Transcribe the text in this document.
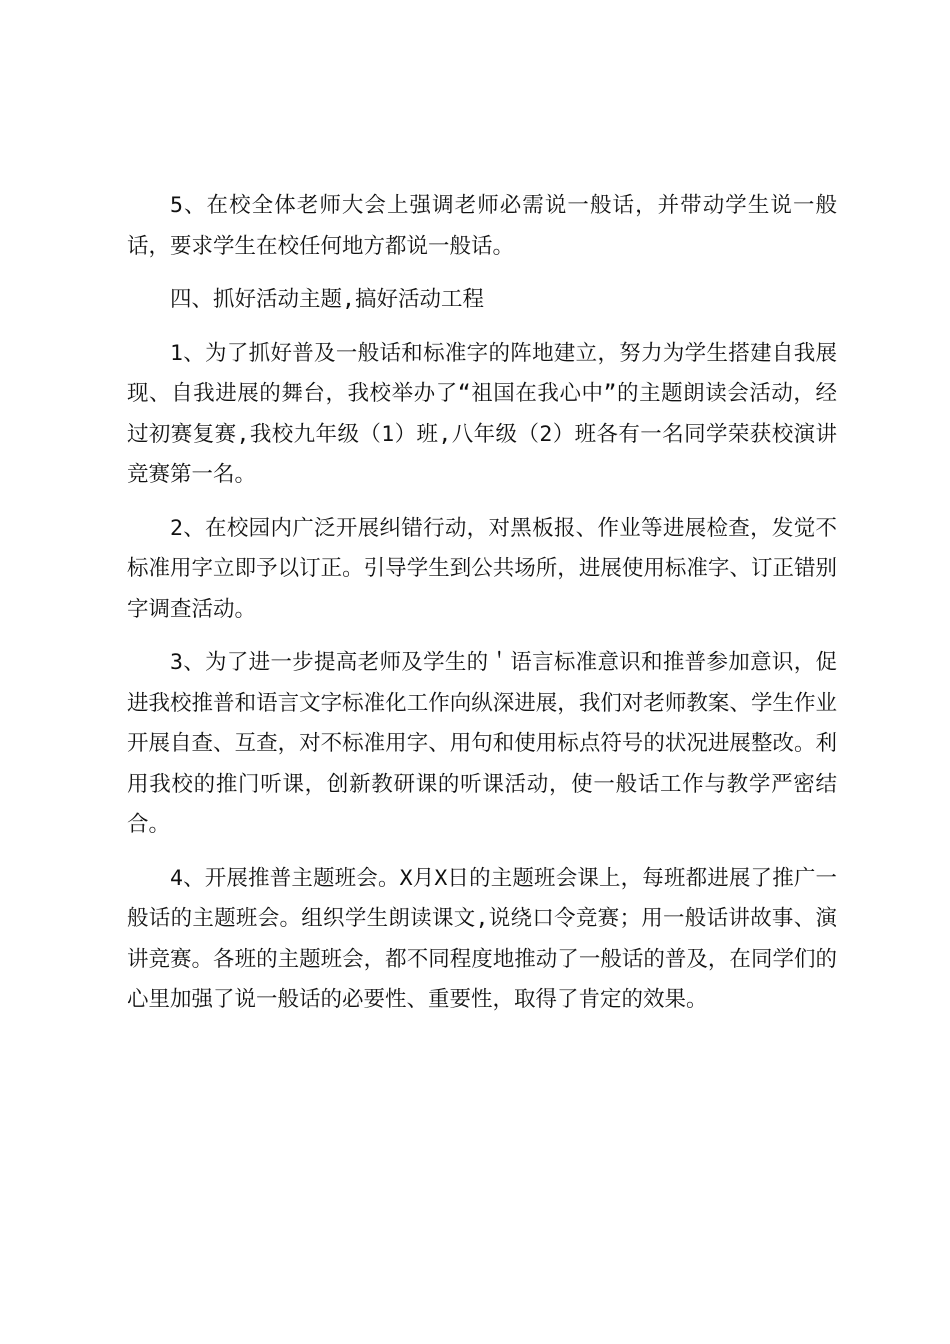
5、在校全体老师大会上强调老师必需说一般话，并带动学生说一般话，要求学生在校任何地方都说一般话。

四、抓好活动主题,搞好活动工程

1、为了抓好普及一般话和标准字的阵地建立，努力为学生搭建自我展现、自我进展的舞台，我校举办了“祖国在我心中”的主题朗读会活动，经过初赛复赛,我校九年级（1）班,八年级（2）班各有一名同学荣获校演讲竞赛第一名。

2、在校园内广泛开展纠错行动，对黑板报、作业等进展检查，发觉不标准用字立即予以订正。引导学生到公共场所，进展使用标准字、订正错别字调查活动。

3、为了进一步提高老师及学生的＇语言标准意识和推普参加意识，促进我校推普和语言文字标准化工作向纵深进展，我们对老师教案、学生作业开展自查、互查，对不标准用字、用句和使用标点符号的状况进展整改。利用我校的推门听课，创新教研课的听课活动，使一般话工作与教学严密结合。

4、开展推普主题班会。X月X日的主题班会课上，每班都进展了推广一般话的主题班会。组织学生朗读课文,说绕口令竞赛；用一般话讲故事、演讲竞赛。各班的主题班会，都不同程度地推动了一般话的普及，在同学们的心里加强了说一般话的必要性、重要性，取得了肯定的效果。
